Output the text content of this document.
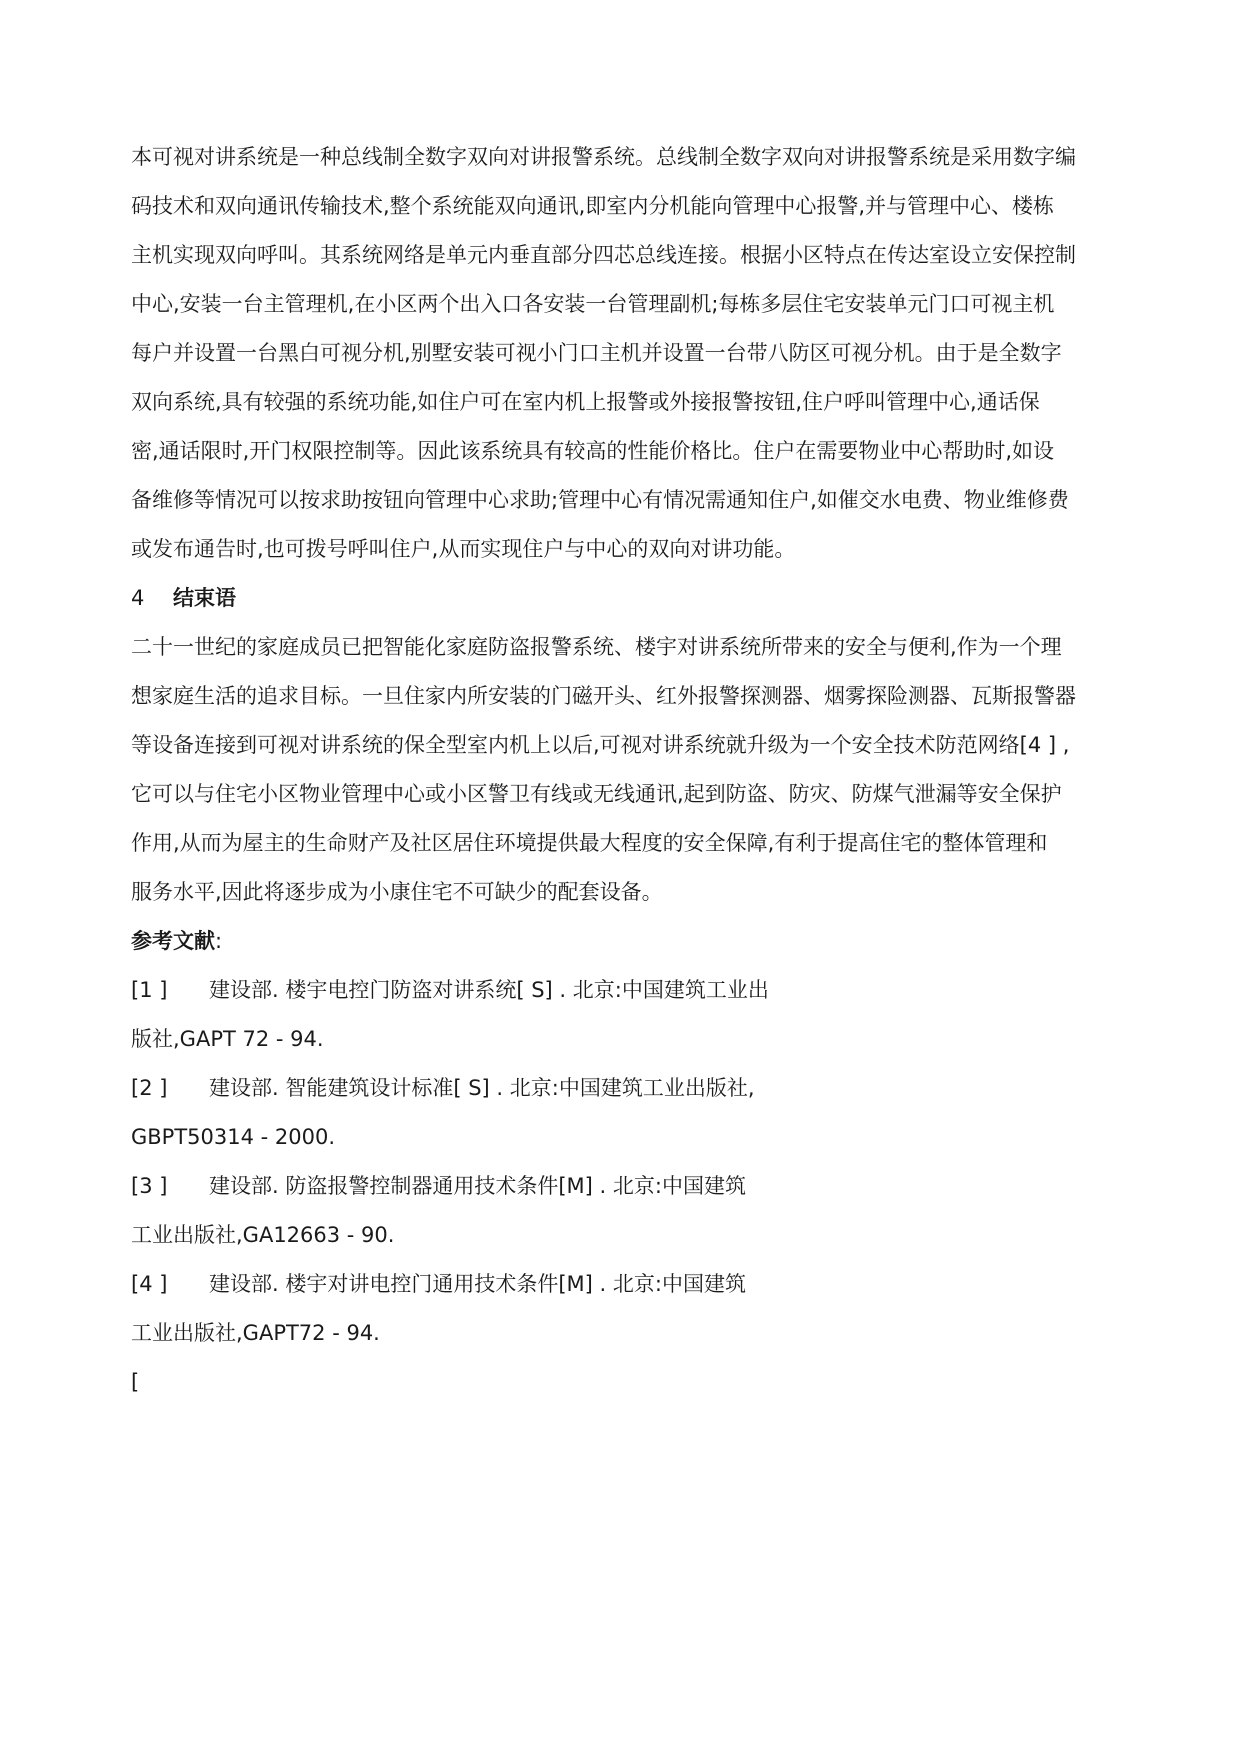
本可视对讲系统是一种总线制全数字双向对讲报警系统。总线制全数字双向对讲报警系统是采用数字编
码技术和双向通讯传输技术,整个系统能双向通讯,即室内分机能向管理中心报警,并与管理中心、楼栋
主机实现双向呼叫。其系统网络是单元内垂直部分四芯总线连接。根据小区特点在传达室设立安保控制
中心,安装一台主管理机,在小区两个出入口各安装一台管理副机;每栋多层住宅安装单元门口可视主机
每户并设置一台黑白可视分机,别墅安装可视小门口主机并设置一台带八防区可视分机。由于是全数字
双向系统,具有较强的系统功能,如住户可在室内机上报警或外接报警按钮,住户呼叫管理中心,通话保
密,通话限时,开门权限控制等。因此该系统具有较高的性能价格比。住户在需要物业中心帮助时,如设
备维修等情况可以按求助按钮向管理中心求助;管理中心有情况需通知住户,如催交水电费、物业维修费
或发布通告时,也可拨号呼叫住户,从而实现住户与中心的双向对讲功能。
4 结束语
二十一世纪的家庭成员已把智能化家庭防盗报警系统、楼宇对讲系统所带来的安全与便利,作为一个理
想家庭生活的追求目标。一旦住家内所安装的门磁开头、红外报警探测器、烟雾探险测器、瓦斯报警器
等设备连接到可视对讲系统的保全型室内机上以后,可视对讲系统就升级为一个安全技术防范网络[4 ] ,
它可以与住宅小区物业管理中心或小区警卫有线或无线通讯,起到防盗、防灾、防煤气泄漏等安全保护
作用,从而为屋主的生命财产及社区居住环境提供最大程度的安全保障,有利于提高住宅的整体管理和
服务水平,因此将逐步成为小康住宅不可缺少的配套设备。
参考文献:
[1 ] 建设部. 楼宇电控门防盗对讲系统[ S] . 北京:中国建筑工业出
版社,GAPT 72 - 94.
[2 ] 建设部. 智能建筑设计标准[ S] . 北京:中国建筑工业出版社,
GBPT50314 - 2000.
[3 ] 建设部. 防盗报警控制器通用技术条件[M] . 北京:中国建筑
工业出版社,GA12663 - 90.
[4 ] 建设部. 楼宇对讲电控门通用技术条件[M] . 北京:中国建筑
工业出版社,GAPT72 - 94.
[
